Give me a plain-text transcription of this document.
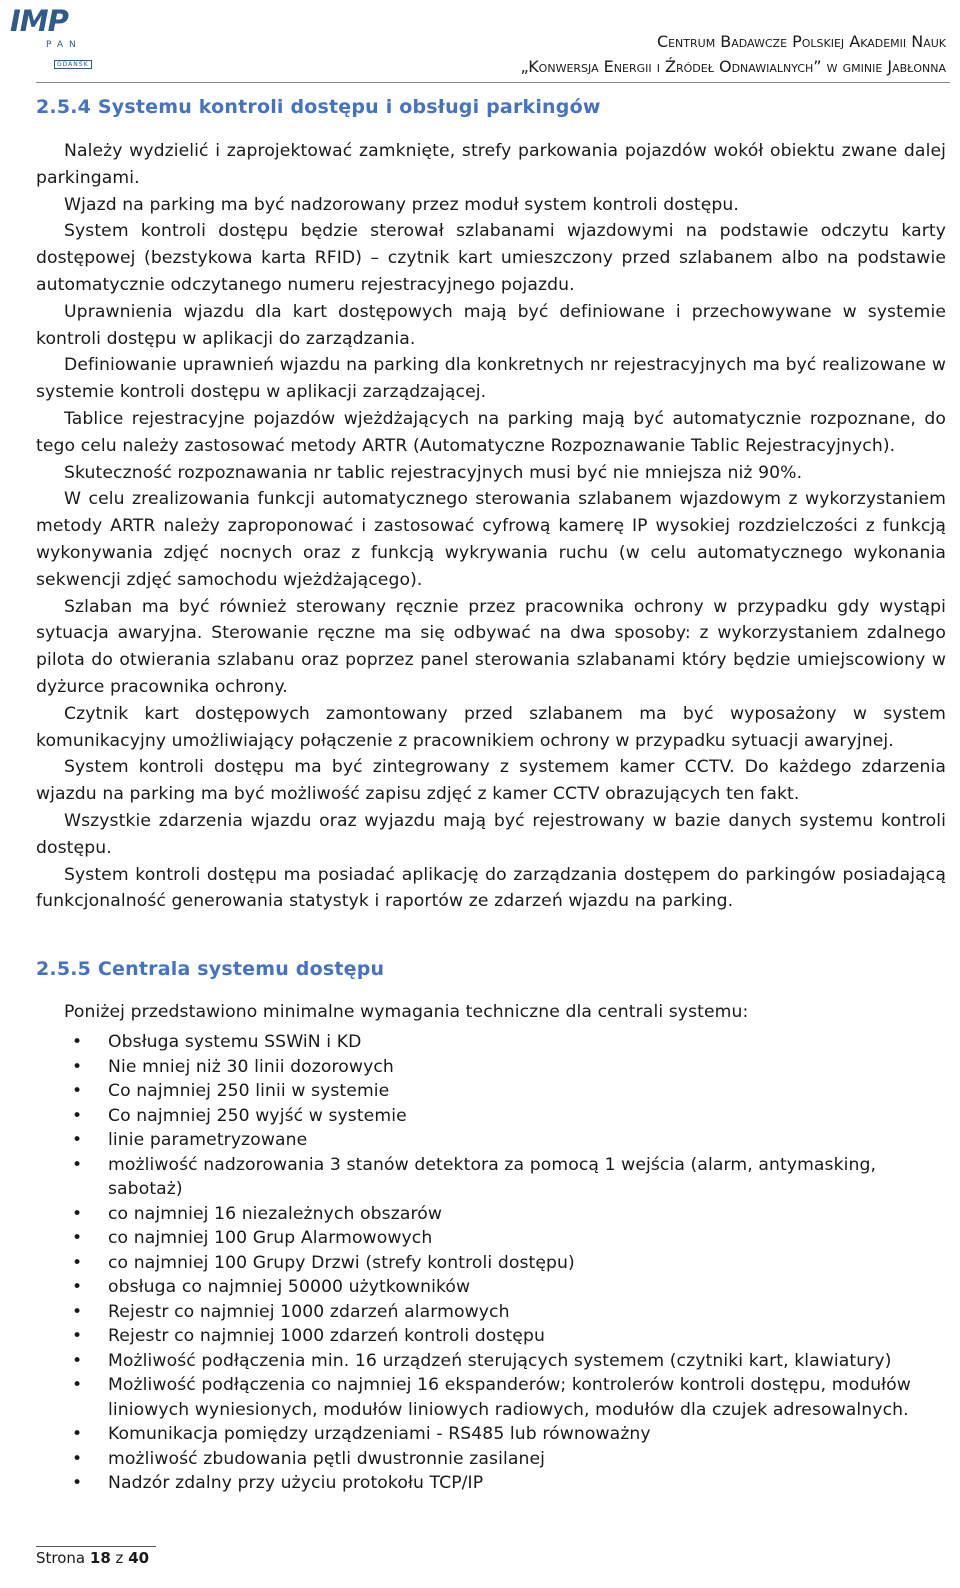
IMP
PAN
GDAŃSK
Centrum Badawcze Polskiej Akademii Nauk
„Konwersja Energii i Źródeł Odnawialnych” w gminie Jabłonna
2.5.4 Systemu kontroli dostępu i obsługi parkingów

Należy wydzielić i zaprojektować zamknięte, strefy parkowania pojazdów wokół obiektu zwane dalej parkingami.

Wjazd na parking ma być nadzorowany przez moduł system kontroli dostępu.

System kontroli dostępu będzie sterował szlabanami wjazdowymi na podstawie odczytu karty dostępowej (bezstykowa karta RFID) – czytnik kart umieszczony przed szlabanem albo na podstawie automatycznie odczytanego numeru rejestracyjnego pojazdu.

Uprawnienia wjazdu dla kart dostępowych mają być definiowane i przechowywane w systemie kontroli dostępu w aplikacji do zarządzania.

Definiowanie uprawnień wjazdu na parking dla konkretnych nr rejestracyjnych ma być realizowane w systemie kontroli dostępu w aplikacji zarządzającej.

Tablice rejestracyjne pojazdów wjeżdżających na parking mają być automatycznie rozpoznane, do tego celu należy zastosować metody ARTR (Automatyczne Rozpoznawanie Tablic Rejestracyjnych).

Skuteczność rozpoznawania nr tablic rejestracyjnych musi być nie mniejsza niż 90%.

W celu zrealizowania funkcji automatycznego sterowania szlabanem wjazdowym z wykorzystaniem metody ARTR należy zaproponować i zastosować cyfrową kamerę IP wysokiej rozdzielczości z funkcją wykonywania zdjęć nocnych oraz z funkcją wykrywania ruchu (w celu automatycznego wykonania sekwencji zdjęć samochodu wjeżdżającego).

Szlaban ma być również sterowany ręcznie przez pracownika ochrony w przypadku gdy wystąpi sytuacja awaryjna. Sterowanie ręczne ma się odbywać na dwa sposoby: z wykorzystaniem zdalnego pilota do otwierania szlabanu oraz poprzez panel sterowania szlabanami który będzie umiejscowiony w dyżurce pracownika ochrony.

Czytnik kart dostępowych zamontowany przed szlabanem ma być wyposażony w system komunikacyjny umożliwiający połączenie z pracownikiem ochrony w przypadku sytuacji awaryjnej.

System kontroli dostępu ma być zintegrowany z systemem kamer CCTV. Do każdego zdarzenia wjazdu na parking ma być możliwość zapisu zdjęć z kamer CCTV obrazujących ten fakt.

Wszystkie zdarzenia wjazdu oraz wyjazdu mają być rejestrowany w bazie danych systemu kontroli dostępu.

System kontroli dostępu ma posiadać aplikację do zarządzania dostępem do parkingów posiadającą funkcjonalność generowania statystyk i raportów ze zdarzeń wjazdu na parking.

2.5.5 Centrala systemu dostępu
Poniżej przedstawiono minimalne wymagania techniczne dla centrali systemu:
• Obsługa systemu SSWiN i KD
• Nie mniej niż 30 linii dozorowych
• Co najmniej 250 linii w systemie
• Co najmniej 250 wyjść w systemie
• linie parametryzowane
• możliwość nadzorowania 3 stanów detektora za pomocą 1 wejścia (alarm, antymasking, sabotaż)
• co najmniej 16 niezależnych obszarów
• co najmniej 100 Grup Alarmowowych
• co najmniej 100 Grupy Drzwi (strefy kontroli dostępu)
• obsługa co najmniej 50000 użytkowników
• Rejestr co najmniej 1000 zdarzeń alarmowych
• Rejestr co najmniej 1000 zdarzeń kontroli dostępu
• Możliwość podłączenia min. 16 urządzeń sterujących systemem (czytniki kart, klawiatury)
• Możliwość podłączenia co najmniej 16 ekspanderów; kontrolerów kontroli dostępu, modułów liniowych wyniesionych, modułów liniowych radiowych, modułów dla czujek adresowalnych.
• Komunikacja pomiędzy urządzeniami - RS485 lub równoważny
• możliwość zbudowania pętli dwustronnie zasilanej
• Nadzór zdalny przy użyciu protokołu TCP/IP
Strona 18 z 40
